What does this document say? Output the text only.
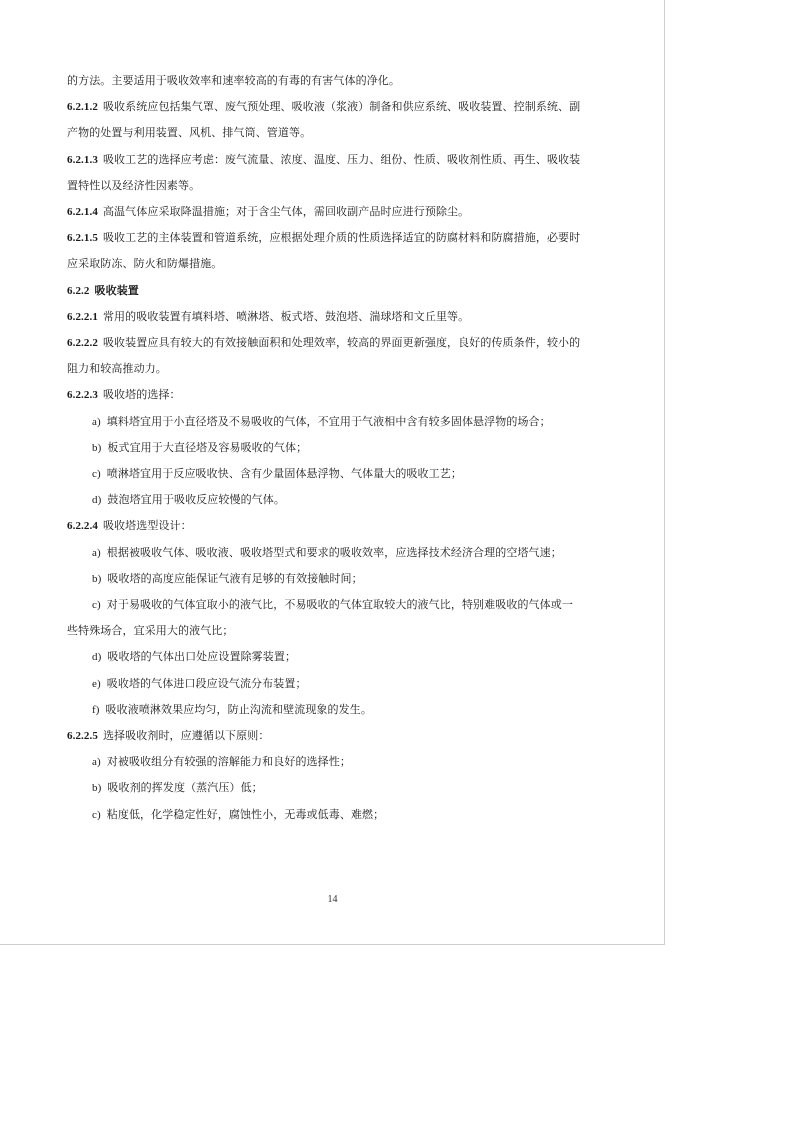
的方法。主要适用于吸收效率和速率较高的有毒的有害气体的净化。
6.2.1.2 吸收系统应包括集气罩、废气预处理、吸收液（浆液）制备和供应系统、吸收装置、控制系统、副
产物的处置与利用装置、风机、排气筒、管道等。
6.2.1.3 吸收工艺的选择应考虑：废气流量、浓度、温度、压力、组份、性质、吸收剂性质、再生、吸收装
置特性以及经济性因素等。
6.2.1.4 高温气体应采取降温措施；对于含尘气体，需回收副产品时应进行预除尘。
6.2.1.5 吸收工艺的主体装置和管道系统，应根据处理介质的性质选择适宜的防腐材料和防腐措施，必要时
应采取防冻、防火和防爆措施。
6.2.2 吸收装置
6.2.2.1 常用的吸收装置有填料塔、喷淋塔、板式塔、鼓泡塔、湍球塔和文丘里等。
6.2.2.2 吸收装置应具有较大的有效接触面积和处理效率，较高的界面更新强度，良好的传质条件，较小的
阻力和较高推动力。
6.2.2.3 吸收塔的选择：
a) 填料塔宜用于小直径塔及不易吸收的气体，不宜用于气液相中含有较多固体悬浮物的场合；
b) 板式宜用于大直径塔及容易吸收的气体；
c) 喷淋塔宜用于反应吸收快、含有少量固体悬浮物、气体量大的吸收工艺；
d) 鼓泡塔宜用于吸收反应较慢的气体。
6.2.2.4 吸收塔选型设计：
a) 根据被吸收气体、吸收液、吸收塔型式和要求的吸收效率，应选择技术经济合理的空塔气速；
b) 吸收塔的高度应能保证气液有足够的有效接触时间；
c) 对于易吸收的气体宜取小的液气比，不易吸收的气体宜取较大的液气比，特别难吸收的气体或一
些特殊场合，宜采用大的液气比；
d) 吸收塔的气体出口处应设置除雾装置；
e) 吸收塔的气体进口段应设气流分布装置；
f) 吸收液喷淋效果应均匀，防止沟流和壁流现象的发生。
6.2.2.5 选择吸收剂时，应遵循以下原则：
a) 对被吸收组分有较强的溶解能力和良好的选择性；
b) 吸收剂的挥发度（蒸汽压）低；
c) 粘度低，化学稳定性好，腐蚀性小，无毒或低毒、难燃；
14
